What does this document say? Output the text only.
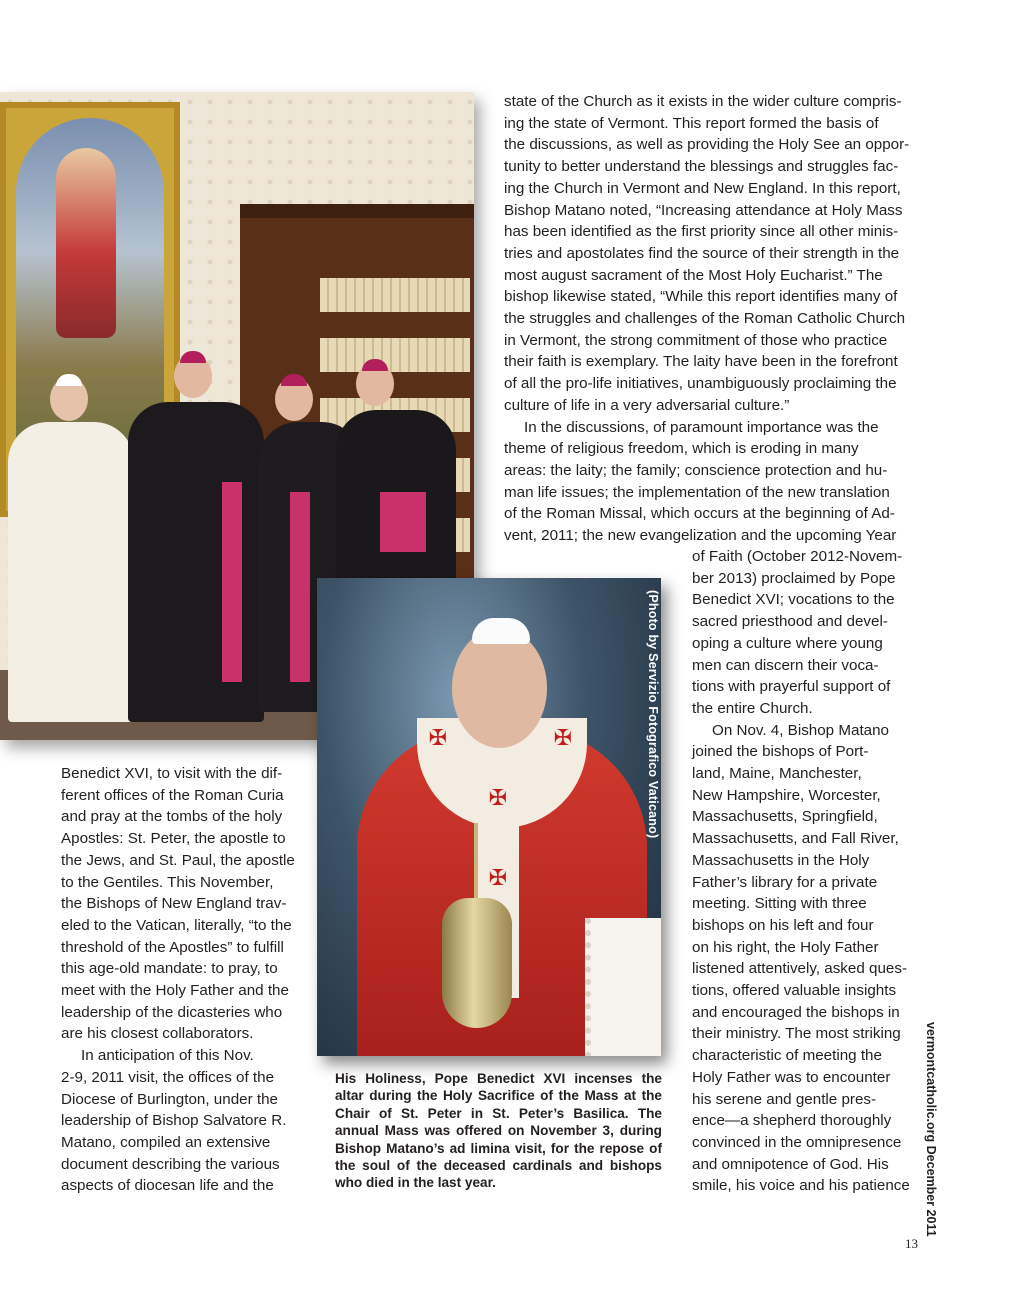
state of the Church as it exists in the wider culture compris-

ing the state of Vermont. This report formed the basis of

the discussions, as well as providing the Holy See an oppor-

tunity to better understand the blessings and struggles fac-

ing the Church in Vermont and New England. In this report,

Bishop Matano noted, “Increasing attendance at Holy Mass

has been identified as the first priority since all other minis-

tries and apostolates find the source of their strength in the

most august sacrament of the Most Holy Eucharist.” The

bishop likewise stated, “While this report identifies many of

the struggles and challenges of the Roman Catholic Church

in Vermont, the strong commitment of those who practice

their faith is exemplary. The laity have been in the forefront

of all the pro-life initiatives, unambiguously proclaiming the

culture of life in a very adversarial culture.”

In the discussions, of paramount importance was the

theme of religious freedom, which is eroding in many

areas: the laity; the family; conscience protection and hu-

man life issues; the implementation of the new translation

of the Roman Missal, which occurs at the beginning of Ad-

vent, 2011; the new evangelization and the upcoming Year

of Faith (October 2012-Novem-

ber 2013) proclaimed by Pope

Benedict XVI; vocations to the

sacred priesthood and devel-

oping a culture where young

men can discern their voca-

tions with prayerful support of

the entire Church.

On Nov. 4, Bishop Matano

joined the bishops of Port-

land, Maine, Manchester,

New Hampshire, Worcester,

Massachusetts, Springfield,

Massachusetts, and Fall River,

Massachusetts in the Holy

Father’s library for a private

meeting. Sitting with three

bishops on his left and four

on his right, the Holy Father

listened attentively, asked ques-

tions, offered valuable insights

and encouraged the bishops in

their ministry. The most striking

characteristic of meeting the

Holy Father was to encounter

his serene and gentle pres-

ence—a shepherd thoroughly

convinced in the omnipresence

and omnipotence of God. His

smile, his voice and his patience

Benedict XVI, to visit with the dif-

ferent offices of the Roman Curia

and pray at the tombs of the holy

Apostles: St. Peter, the apostle to

the Jews, and St. Paul, the apostle

to the Gentiles. This November,

the Bishops of New England trav-

eled to the Vatican, literally, “to the

threshold of the Apostles” to fulfill

this age-old mandate: to pray, to

meet with the Holy Father and the

leadership of the dicasteries who

are his closest collaborators.

In anticipation of this Nov.

2-9, 2011 visit, the offices of the

Diocese of Burlington, under the

leadership of Bishop Salvatore R.

Matano, compiled an extensive

document describing the various

aspects of diocesan life and the

✠	✠
✠
✠
(Photo by Servizio Fotografico Vaticano)

His Holiness, Pope Benedict XVI incenses the altar during the Holy Sacrifice of the Mass at the Chair of St. Peter in St. Peter’s Basilica. The annual Mass was offered on November 3, during Bishop Matano’s ad limina visit, for the repose of the soul of the deceased cardinals and bishops who died in the last year.	vermontcatholic.org December 2011
13
